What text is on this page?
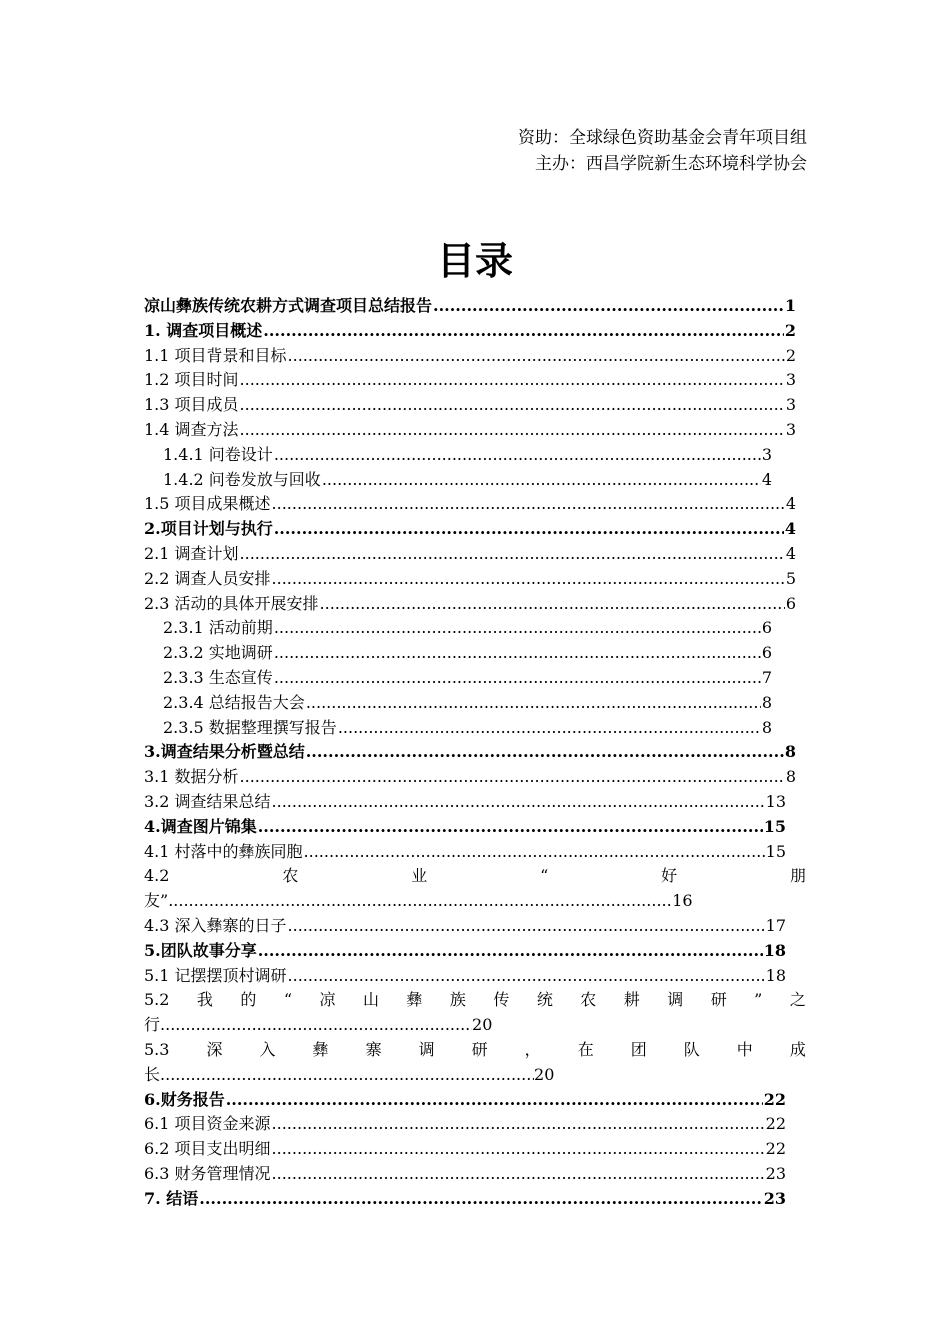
资助：全球绿色资助基金会青年项目组
主办：西昌学院新生态环境科学协会
目录
凉山彝族传统农耕方式调查项目总结报告 .....	1
1. 调查项目概述 .....	2
1.1 项目背景和目标 .....	2
1.2 项目时间 .....	3
1.3 项目成员 .....	3
1.4 调查方法 .....	3
1.4.1 问卷设计 .....	3
1.4.2 问卷发放与回收 .....	4
1.5 项目成果概述 .....	4
2.项目计划与执行 .....	4
2.1 调查计划 .....	4
2.2 调查人员安排 .....	5
2.3 活动的具体开展安排 .....	6
2.3.1 活动前期 .....	6
2.3.2 实地调研 .....	6
2.3.3 生态宣传 .....	7
2.3.4 总结报告大会 .....	8
2.3.5 数据整理撰写报告 .....	8
3.调查结果分析暨总结 .....	8
3.1 数据分析 .....	8
3.2 调查结果总结 .....	13
4.调查图片锦集 .....	15
4.1 村落中的彝族同胞 .....	15
4.2	农	业	“	好	朋
友” .....	16
4.3 深入彝寨的日子 .....	17
5.团队故事分享 .....	18
5.1 记摆摆顶村调研 .....	18
5.2 我 的 “ 凉 山 彝 族 传 统 农 耕 调 研 ” 之
行 .....	20
5.3 深 入 彝 寨 调 研 ， 在 团 队 中 成
长 .....	20
6.财务报告 .....	22
6.1 项目资金来源 .....	22
6.2 项目支出明细 .....	22
6.3 财务管理情况 .....	23
7. 结语 .....	23
